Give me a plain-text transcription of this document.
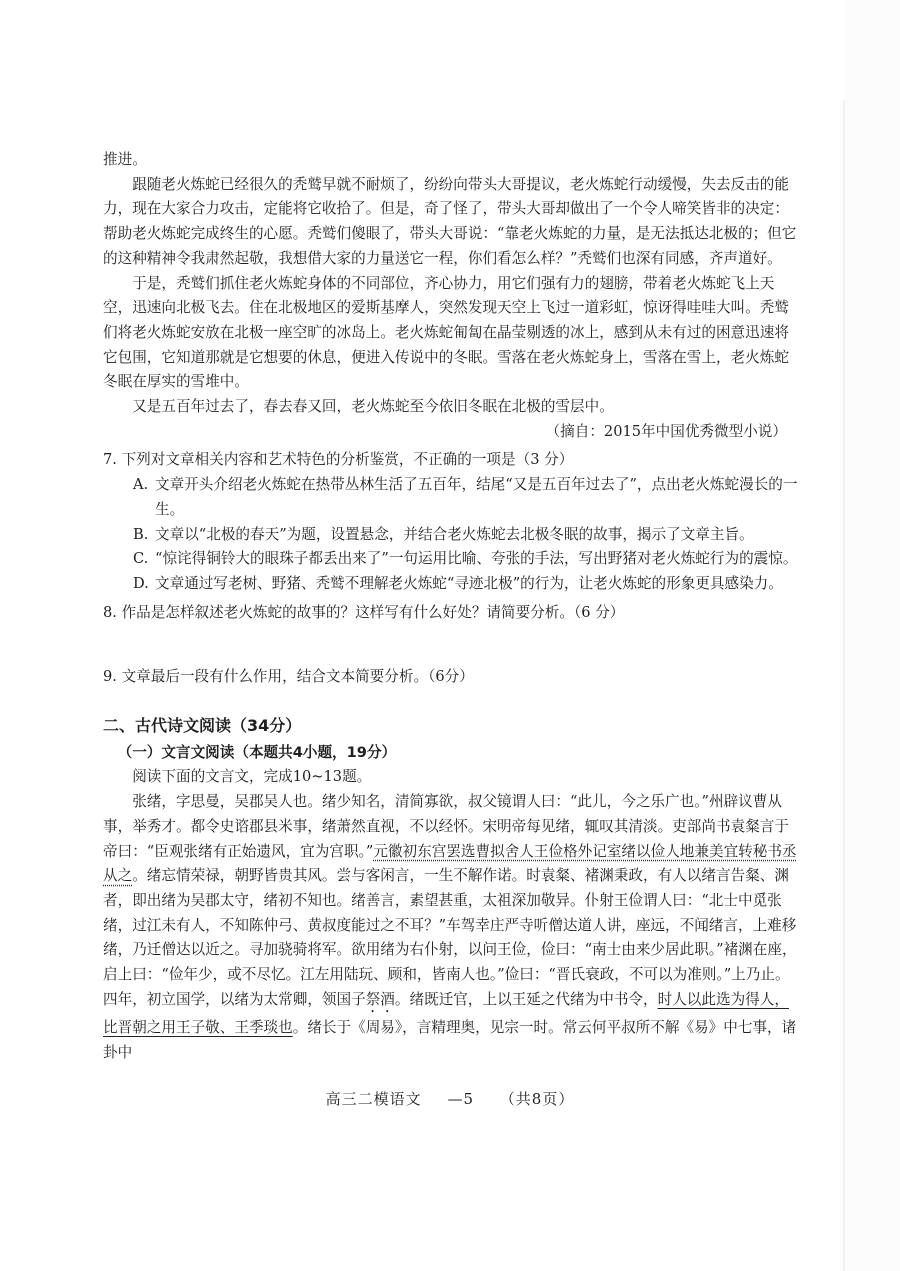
推进。

跟随老火炼蛇已经很久的秃鹫早就不耐烦了，纷纷向带头大哥提议，老火炼蛇行动缓慢，失去反击的能力，现在大家合力攻击，定能将它收拾了。但是，奇了怪了，带头大哥却做出了一个令人啼笑皆非的决定：帮助老火炼蛇完成终生的心愿。秃鹫们傻眼了，带头大哥说：“靠老火炼蛇的力量，是无法抵达北极的；但它的这种精神令我肃然起敬，我想借大家的力量送它一程，你们看怎么样？”秃鹫们也深有同感，齐声道好。

于是，秃鹫们抓住老火炼蛇身体的不同部位，齐心协力，用它们强有力的翅膀，带着老火炼蛇飞上天空，迅速向北极飞去。住在北极地区的爱斯基摩人，突然发现天空上飞过一道彩虹，惊讶得哇哇大叫。秃鹫们将老火炼蛇安放在北极一座空旷的冰岛上。老火炼蛇匍匐在晶莹剔透的冰上，感到从未有过的困意迅速将它包围，它知道那就是它想要的休息，便进入传说中的冬眠。雪落在老火炼蛇身上，雪落在雪上，老火炼蛇冬眠在厚实的雪堆中。

又是五百年过去了，春去春又回，老火炼蛇至今依旧冬眠在北极的雪层中。

（摘自：2015年中国优秀微型小说）

7. 下列对文章相关内容和艺术特色的分析鉴赏，不正确的一项是（3 分）

A. 文章开头介绍老火炼蛇在热带丛林生活了五百年，结尾“又是五百年过去了”，点出老火炼蛇漫长的一生。
B. 文章以“北极的春天”为题，设置悬念，并结合老火炼蛇去北极冬眠的故事，揭示了文章主旨。
C. “惊诧得铜铃大的眼珠子都丢出来了”一句运用比喻、夸张的手法，写出野猪对老火炼蛇行为的震惊。
D. 文章通过写老树、野猪、秃鹫不理解老火炼蛇“寻迹北极”的行为，让老火炼蛇的形象更具感染力。

8. 作品是怎样叙述老火炼蛇的故事的？这样写有什么好处？请简要分析。（6 分）

9. 文章最后一段有什么作用，结合文本简要分析。（6分）

二、古代诗文阅读（34分）

（一）文言文阅读（本题共4小题，19分）

阅读下面的文言文，完成10~13题。

张绪，字思曼，吴郡吴人也。绪少知名，清简寡欲，叔父镜谓人曰：“此儿，今之乐广也。”州辟议曹从事，举秀才。都令史谘郡县米事，绪萧然直视，不以经怀。宋明帝每见绪，辄叹其清淡。吏部尚书袁粲言于帝曰：“臣观张绪有正始遗风，宜为宫职。”元徽初东宫罢选曹拟舍人王俭格外记室绪以俭人地兼美宜转秘书丞从之。绪忘情荣禄，朝野皆贵其风。尝与客闲言，一生不解作诺。时袁粲、褚渊秉政，有人以绪言告粲、渊者，即出绪为吴郡太守，绪初不知也。绪善言，素望甚重，太祖深加敬异。仆射王俭谓人曰：“北士中觅张绪，过江未有人，不知陈仲弓、黄叔度能过之不耳？”车驾幸庄严寺听僧达道人讲，座远，不闻绪言，上难移绪，乃迁僧达以近之。寻加骁骑将军。欲用绪为右仆射，以问王俭，俭曰：“南士由来少居此职。”褚渊在座，启上曰：“俭年少，或不尽忆。江左用陆玩、顾和，皆南人也。”俭曰：“晋氏衰政，不可以为准则。”上乃止。四年，初立国学，以绪为太常卿，领国子祭酒。绪既迁官，上以王延之代绪为中书令，时人以此选为得人，比晋朝之用王子敬、王季琰也。绪长于《周易》，言精理奥，见宗一时。常云何平叔所不解《易》中七事，诸卦中

高三二模语文 —5 （共8页）
